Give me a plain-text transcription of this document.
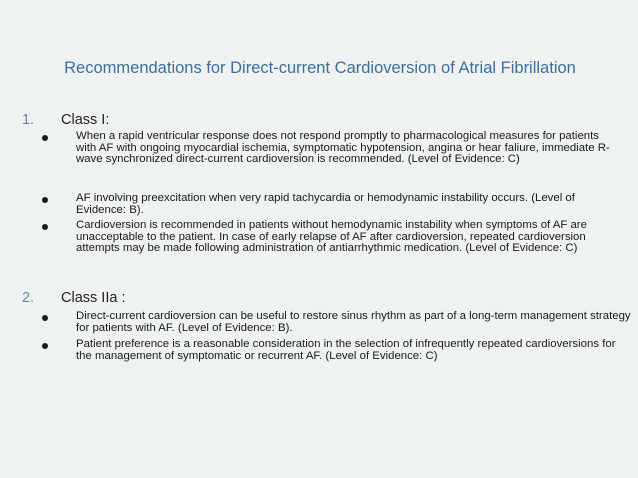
Recommendations for Direct-current Cardioversion of Atrial Fibrillation
1. Class I:
When a rapid ventricular response does not respond promptly to pharmacological measures for patients with AF with ongoing myocardial ischemia, symptomatic hypotension, angina or hear faliure, immediate R-wave synchronized direct-current cardioversion is recommended. (Level of Evidence: C)
AF involving preexcitation when very rapid tachycardia or hemodynamic instability occurs. (Level of Evidence: B).
Cardioversion is recommended in patients without hemodynamic instability when symptoms of AF are unacceptable to the patient. In case of early relapse of AF after cardioversion, repeated cardioversion attempts may be made following administration of antiarrhythmic medication. (Level of Evidence: C)
2. Class IIa :
Direct-current cardioversion can be useful to restore sinus rhythm as part of a long-term management strategy for patients with AF. (Level of Evidence: B).
Patient preference is a reasonable consideration in the selection of infrequently repeated cardioversions for the management of symptomatic or recurrent AF. (Level of Evidence: C)
